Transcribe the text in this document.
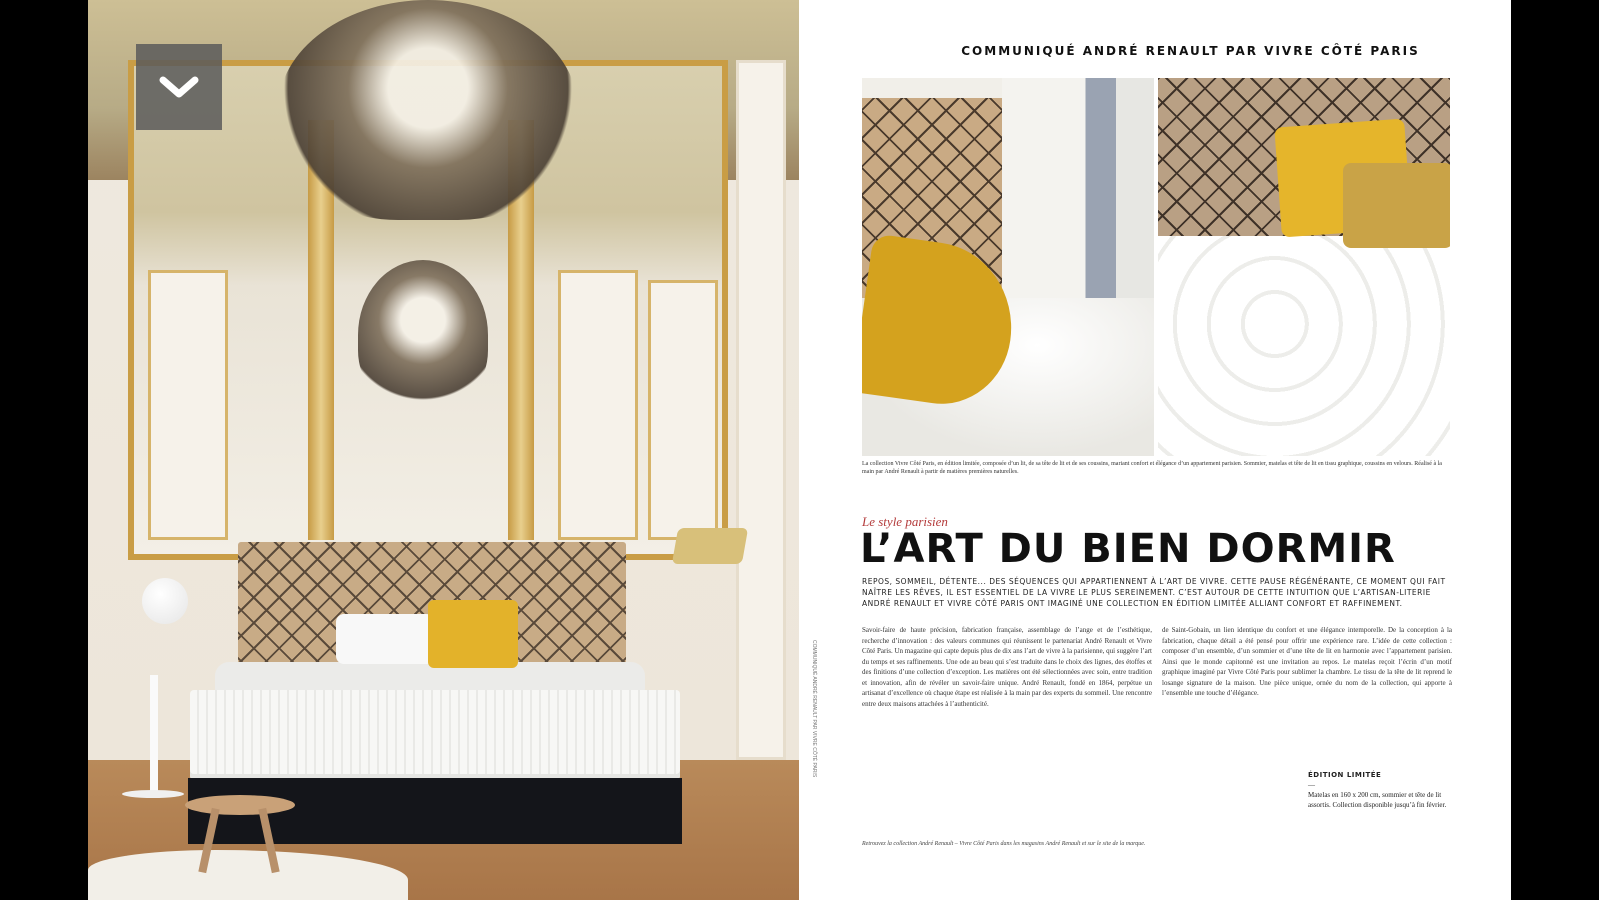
COMMUNIQUÉ ANDRÉ RENAULT PAR VIVRE CÔTÉ PARIS
La collection Vivre Côté Paris, en édition limitée, composée d’un lit, de sa tête de lit et de ses coussins, mariant confort et élégance d’un appartement parisien. Sommier, matelas et tête de lit en tissu graphique, coussins en velours. Réalisé à la main par André Renault à partir de matières premières naturelles.
Le style parisien
L’ART DU BIEN DORMIR
REPOS, SOMMEIL, DÉTENTE... DES SÉQUENCES QUI APPARTIENNENT À L’ART DE VIVRE. CETTE PAUSE RÉGÉNÉRANTE, CE MOMENT QUI FAIT NAÎTRE LES RÊVES, IL EST ESSENTIEL DE LA VIVRE LE PLUS SEREINEMENT. C’EST AUTOUR DE CETTE INTUITION QUE L’ARTISAN-LITERIE ANDRÉ RENAULT ET VIVRE CÔTÉ PARIS ONT IMAGINÉ UNE COLLECTION EN ÉDITION LIMITÉE ALLIANT CONFORT ET RAFFINEMENT.
Savoir-faire de haute précision, fabrication française, assemblage de l’ange et de l’esthétique, recherche d’innovation : des valeurs communes qui réunissent le partenariat André Renault et Vivre Côté Paris. Un magazine qui capte depuis plus de dix ans l’art de vivre à la parisienne, qui suggère l’art du temps et ses raffinements. Une ode au beau qui s’est traduite dans le choix des lignes, des étoffes et des finitions d’une collection d’exception. Les matières ont été sélectionnées avec soin, entre tradition et innovation, afin de révéler un savoir-faire unique. André Renault, fondé en 1864, perpétue un artisanat d’excellence où chaque étape est réalisée à la main par des experts du sommeil. Une rencontre entre deux maisons attachées à l’authenticité.
de Saint-Gobain, un lien identique du confort et une élégance intemporelle. De la conception à la fabrication, chaque détail a été pensé pour offrir une expérience rare. L’idée de cette collection : composer d’un ensemble, d’un sommier et d’une tête de lit en harmonie avec l’appartement parisien. Ainsi que le monde capitonné est une invitation au repos. Le matelas reçoit l’écrin d’un motif graphique imaginé par Vivre Côté Paris pour sublimer la chambre. Le tissu de la tête de lit reprend le losange signature de la maison. Une pièce unique, ornée du nom de la collection, qui apporte à l’ensemble une touche d’élégance.
ÉDITION LIMITÉE
—
Matelas en 160 x 200 cm, sommier et tête de lit assortis. Collection disponible jusqu’à fin février.
Retrouvez la collection André Renault – Vivre Côté Paris dans les magasins André Renault et sur le site de la marque.
COMMUNIQUÉ ANDRÉ RENAULT PAR VIVRE CÔTÉ PARIS
